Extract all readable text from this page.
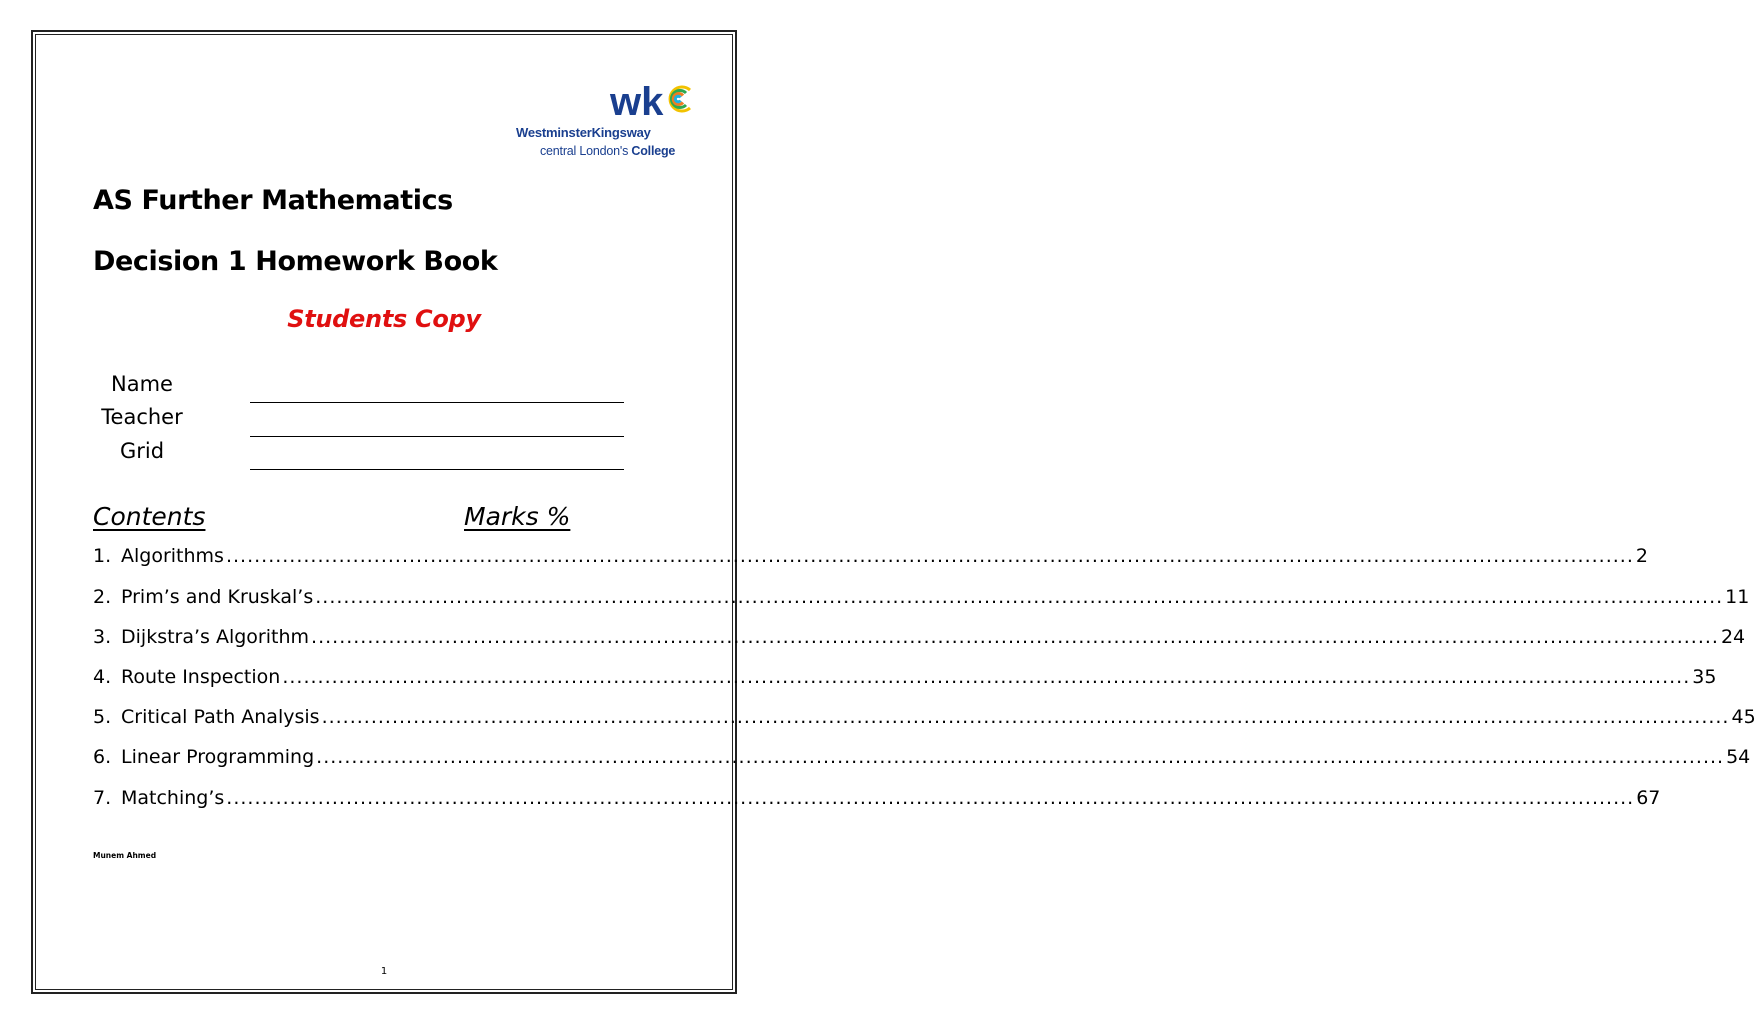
wk
WestminsterKingsway
central London's College
AS Further Mathematics
Decision 1 Homework Book
Students Copy
Name
Teacher
Grid
Contents	Marks %
1. Algorithms ........................................................................................................................................................................................................ 2
2. Prim’s and Kruskal’s ........................................................................................................................................................................................................ 11
3. Dijkstra’s Algorithm ........................................................................................................................................................................................................ 24
4. Route Inspection ........................................................................................................................................................................................................ 35
5. Critical Path Analysis ........................................................................................................................................................................................................ 45
6. Linear Programming ........................................................................................................................................................................................................ 54
7. Matching’s ........................................................................................................................................................................................................ 67
Munem Ahmed
1
